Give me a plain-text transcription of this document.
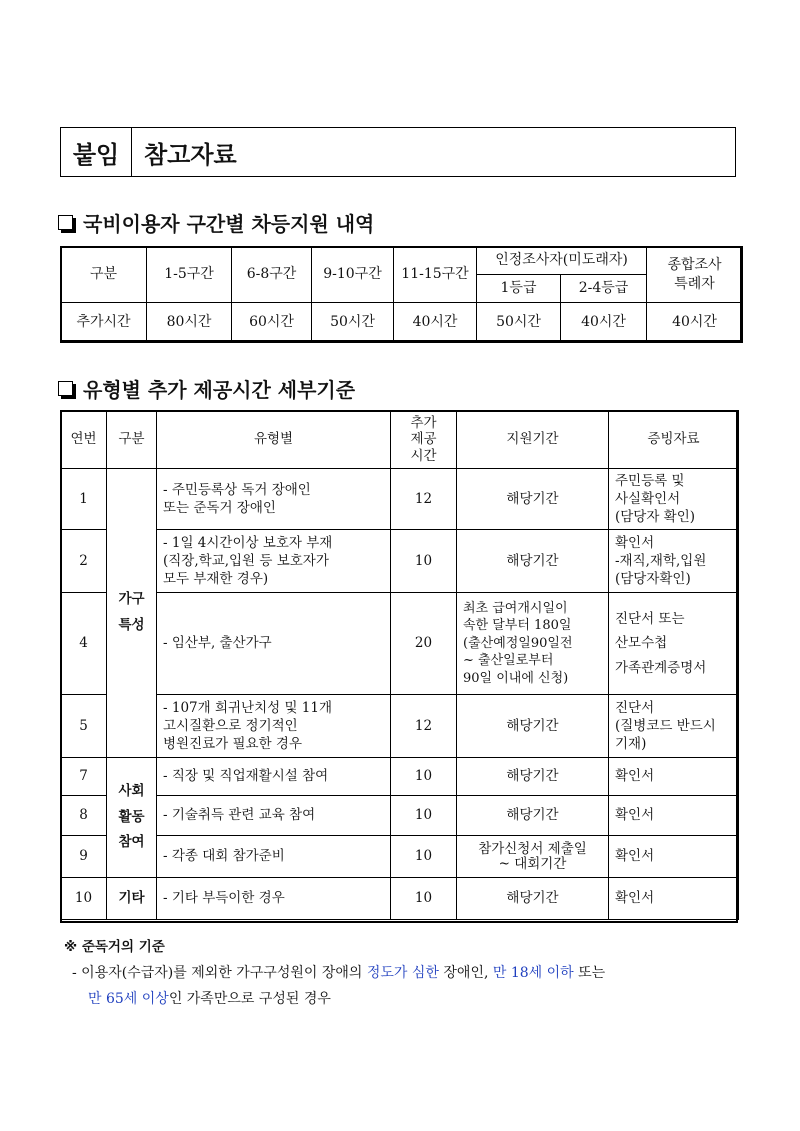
붙임	참고자료
국비이용자 구간별 차등지원 내역
구분	1-5구간	6-8구간	9-10구간	11-15구간	인정조사자(미도래자)		종합조사
특례자
					1등급	2-4등급	
추가시간	80시간	60시간	50시간	40시간	50시간	40시간	40시간
유형별 추가 제공시간 세부기준
연번	구분	유형별	추가
제공
시간	지원기간	증빙자료
1	가구
특성	- 주민등록상 독거 장애인
또는 준독거 장애인	12	해당기간	주민등록 및
사실확인서
(담당자 확인)
2		- 1일 4시간이상 보호자 부재
(직장,학교,입원 등 보호자가
모두 부재한 경우)	10	해당기간	확인서
-재직,재학,입원
(담당자확인)
4		- 임산부, 출산가구	20	최초 급여개시일이
속한 달부터 180일
(출산예정일90일전
~ 출산일로부터
90일 이내에 신청)	진단서 또는
산모수첩
가족관계증명서
5		- 107개 희귀난치성 및 11개
고시질환으로 정기적인
병원진료가 필요한 경우	12	해당기간	진단서
(질병코드 반드시
기재)
7	사회
활동
참여	- 직장 및 직업재활시설 참여	10	해당기간	확인서
8		- 기술취득 관련 교육 참여	10	해당기간	확인서
9		- 각종 대회 참가준비	10	참가신청서 제출일
~ 대회기간	확인서
10	기타	- 기타 부득이한 경우	10	해당기간	확인서
※ 준독거의 기준
- 이용자(수급자)를 제외한 가구구성원이 장애의 정도가 심한 장애인, 만 18세 이하 또는
만 65세 이상인 가족만으로 구성된 경우
